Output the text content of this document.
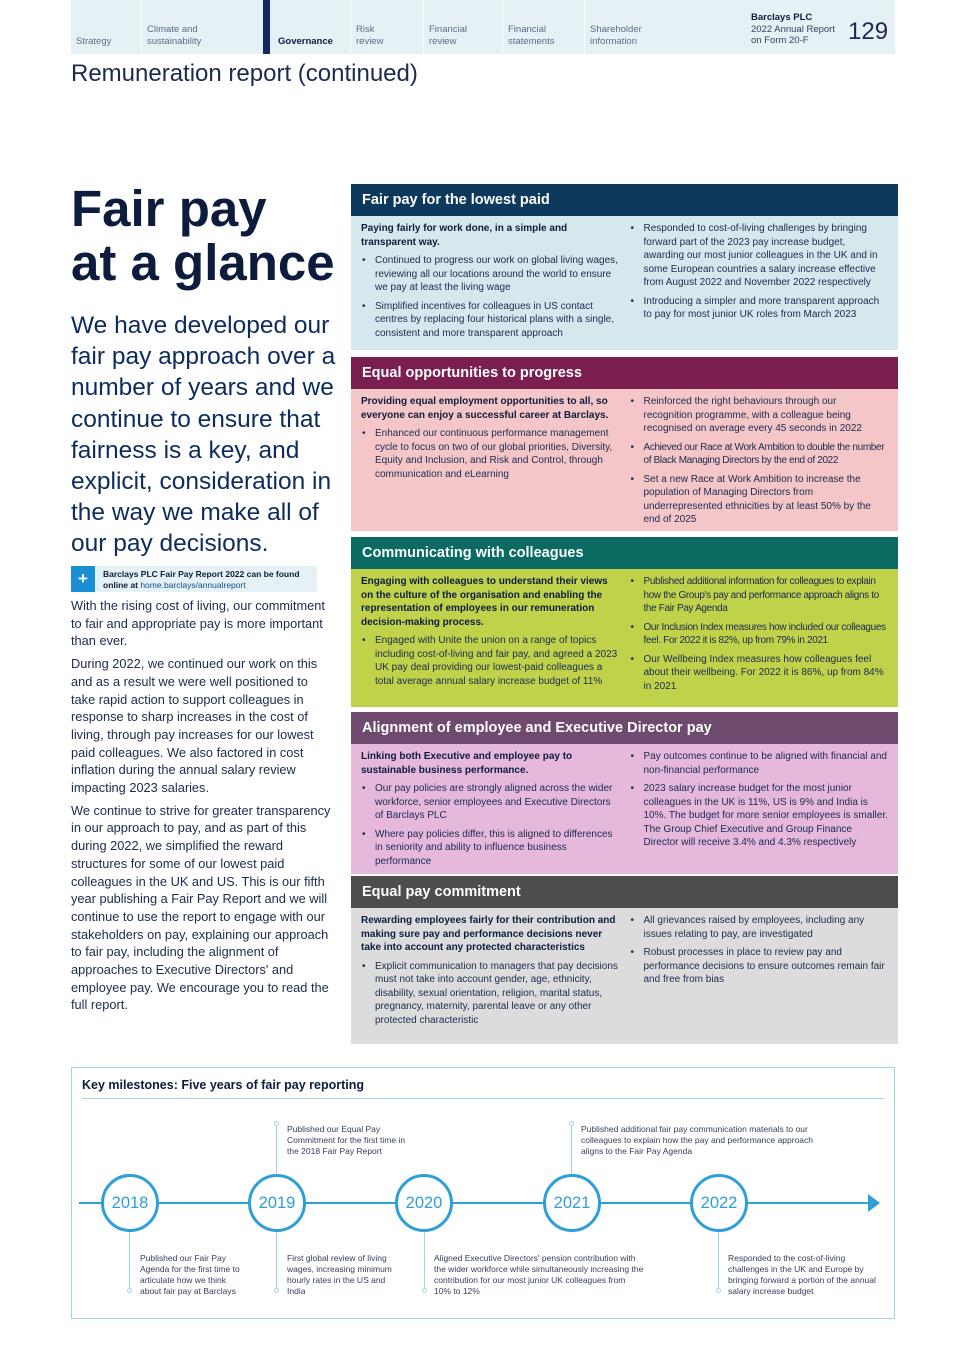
Strategy
Climate and sustainability	Governance
Risk review
Financial review
Financial statements
Shareholder information
Barclays PLC
2022 Annual Report
on Form 20-F	129
Remuneration report (continued)
Fair pay
at a glance
We have developed our fair pay approach over a number of years and we continue to ensure that fairness is a key, and explicit, consideration in the way we make all of our pay decisions.
+	Barclays PLC Fair Pay Report 2022 can be found online at home.barclays/annualreport

With the rising cost of living, our commitment to fair and appropriate pay is more important than ever.

During 2022, we continued our work on this and as a result we were well positioned to take rapid action to support colleagues in response to sharp increases in the cost of living, through pay increases for our lowest paid colleagues. We also factored in cost inflation during the annual salary review impacting 2023 salaries.

We continue to strive for greater transparency in our approach to pay, and as part of this during 2022, we simplified the reward structures for some of our lowest paid colleagues in the UK and US. This is our fifth year publishing a Fair Pay Report and we will continue to use the report to engage with our stakeholders on pay, explaining our approach to fair pay, including the alignment of approaches to Executive Directors' and employee pay. We encourage you to read the full report.

Fair pay for the lowest paid
Paying fairly for work done, in a simple and transparent way.
• Continued to progress our work on global living wages, reviewing all our locations around the world to ensure we pay at least the living wage
• Simplified incentives for colleagues in US contact centres by replacing four historical plans with a single, consistent and more transparent approach
• Responded to cost-of-living challenges by bringing forward part of the 2023 pay increase budget, awarding our most junior colleagues in the UK and in some European countries a salary increase effective from August 2022 and November 2022 respectively
• Introducing a simpler and more transparent approach to pay for most junior UK roles from March 2023
Equal opportunities to progress
Providing equal employment opportunities to all, so everyone can enjoy a successful career at Barclays.
• Enhanced our continuous performance management cycle to focus on two of our global priorities, Diversity, Equity and Inclusion, and Risk and Control, through communication and eLearning
• Reinforced the right behaviours through our recognition programme, with a colleague being recognised on average every 45 seconds in 2022
• Achieved our Race at Work Ambition to double the number of Black Managing Directors by the end of 2022
• Set a new Race at Work Ambition to increase the population of Managing Directors from underrepresented ethnicities by at least 50% by the end of 2025
Communicating with colleagues
Engaging with colleagues to understand their views on the culture of the organisation and enabling the representation of employees in our remuneration decision-making process.
• Engaged with Unite the union on a range of topics including cost-of-living and fair pay, and agreed a 2023 UK pay deal providing our lowest-paid colleagues a total average annual salary increase budget of 11%
• Published additional information for colleagues to explain how the Group's pay and performance approach aligns to the Fair Pay Agenda
• Our Inclusion Index measures how included our colleagues feel. For 2022 it is 82%, up from 79% in 2021
• Our Wellbeing Index measures how colleagues feel about their wellbeing. For 2022 it is 86%, up from 84% in 2021
Alignment of employee and Executive Director pay
Linking both Executive and employee pay to sustainable business performance.
• Our pay policies are strongly aligned across the wider workforce, senior employees and Executive Directors of Barclays PLC
• Where pay policies differ, this is aligned to differences in seniority and ability to influence business performance
• Pay outcomes continue to be aligned with financial and non-financial performance
• 2023 salary increase budget for the most junior colleagues in the UK is 11%, US is 9% and India is 10%. The budget for more senior employees is smaller. The Group Chief Executive and Group Finance Director will receive 3.4% and 4.3% respectively
Equal pay commitment
Rewarding employees fairly for their contribution and making sure pay and performance decisions never take into account any protected characteristics
• Explicit communication to managers that pay decisions must not take into account gender, age, ethnicity, disability, sexual orientation, religion, marital status, pregnancy, maternity, parental leave or any other protected characteristic
• All grievances raised by employees, including any issues relating to pay, are investigated
• Robust processes in place to review pay and performance decisions to ensure outcomes remain fair and free from bias
Key milestones: Five years of fair pay reporting
2018	2019	2020	2021	2022
Published our Equal Pay Commitment for the first time in the 2018 Fair Pay Report
Published additional fair pay communication materials to our colleagues to explain how the pay and performance approach aligns to the Fair Pay Agenda
Published our Fair Pay Agenda for the first time to articulate how we think about fair pay at Barclays
First global review of living wages, increasing minimum hourly rates in the US and India
Aligned Executive Directors' pension contribution with the wider workforce while simultaneously increasing the contribution for our most junior UK colleagues from 10% to 12%
Responded to the cost-of-living challenges in the UK and Europe by bringing forward a portion of the annual salary increase budget
